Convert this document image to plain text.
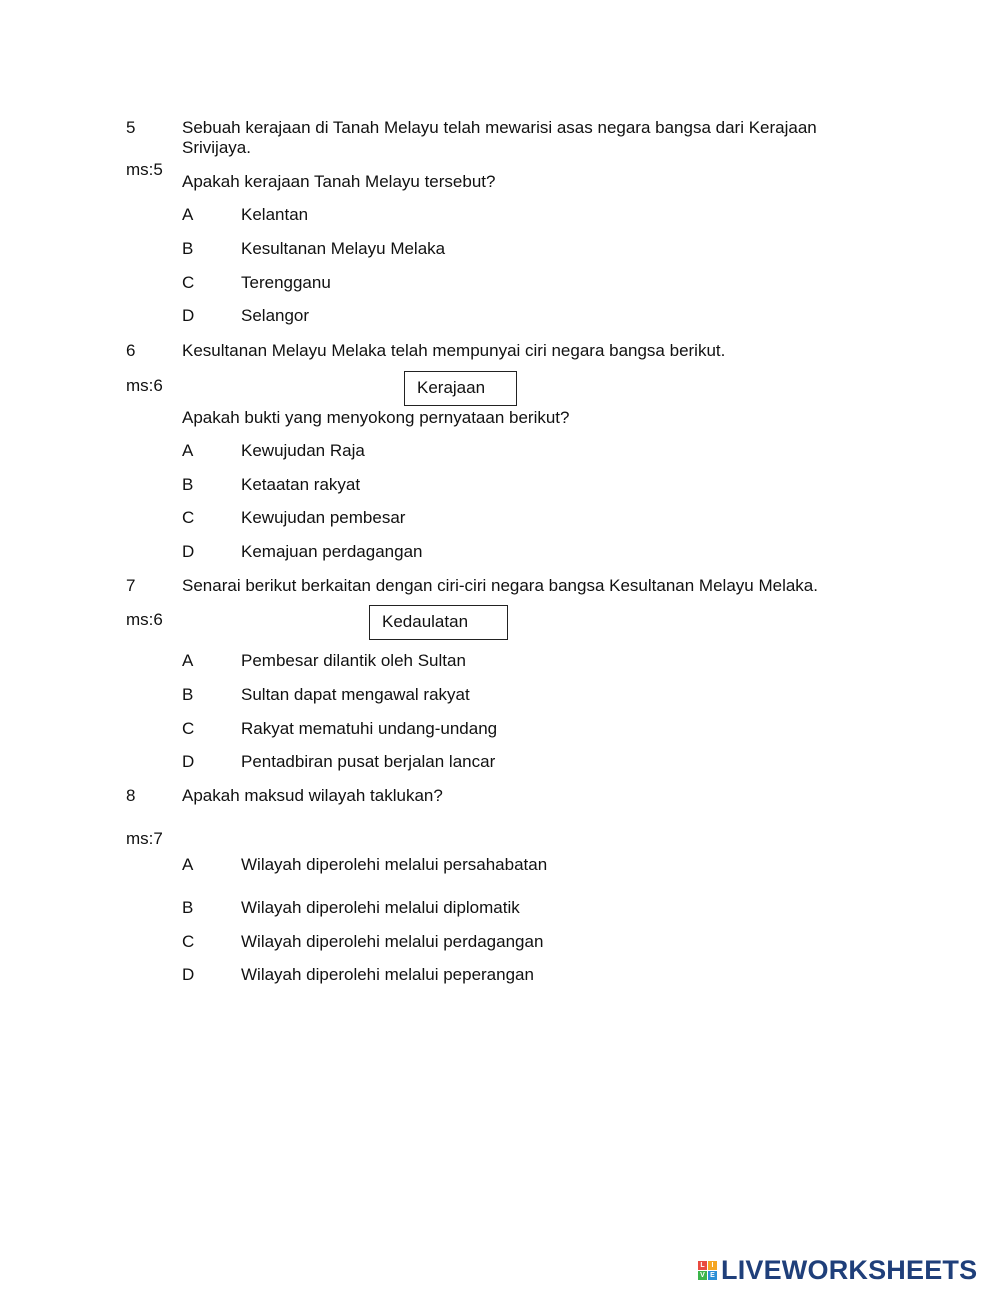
5	Sebuah kerajaan di Tanah Melayu telah mewarisi asas negara bangsa dari Kerajaan Srivijaya.
ms:5
Apakah kerajaan Tanah Melayu tersebut?
A	Kelantan
B	Kesultanan Melayu Melaka
C	Terengganu
D	Selangor
6	Kesultanan Melayu Melaka telah mempunyai ciri negara bangsa berikut.
ms:6	Kerajaan
Apakah bukti yang menyokong pernyataan berikut?
A	Kewujudan Raja
B	Ketaatan rakyat
C	Kewujudan pembesar
D	Kemajuan perdagangan
7	Senarai berikut berkaitan dengan ciri-ciri negara bangsa Kesultanan Melayu Melaka.
ms:6	Kedaulatan
A	Pembesar dilantik oleh Sultan
B	Sultan dapat mengawal rakyat
C	Rakyat mematuhi undang-undang
D	Pentadbiran pusat berjalan lancar
8	Apakah maksud wilayah taklukan?
ms:7
A	Wilayah diperolehi melalui persahabatan
B	Wilayah diperolehi melalui diplomatik
C	Wilayah diperolehi melalui perdagangan
D	Wilayah diperolehi melalui peperangan
L I
V E LIVEWORKSHEETS
